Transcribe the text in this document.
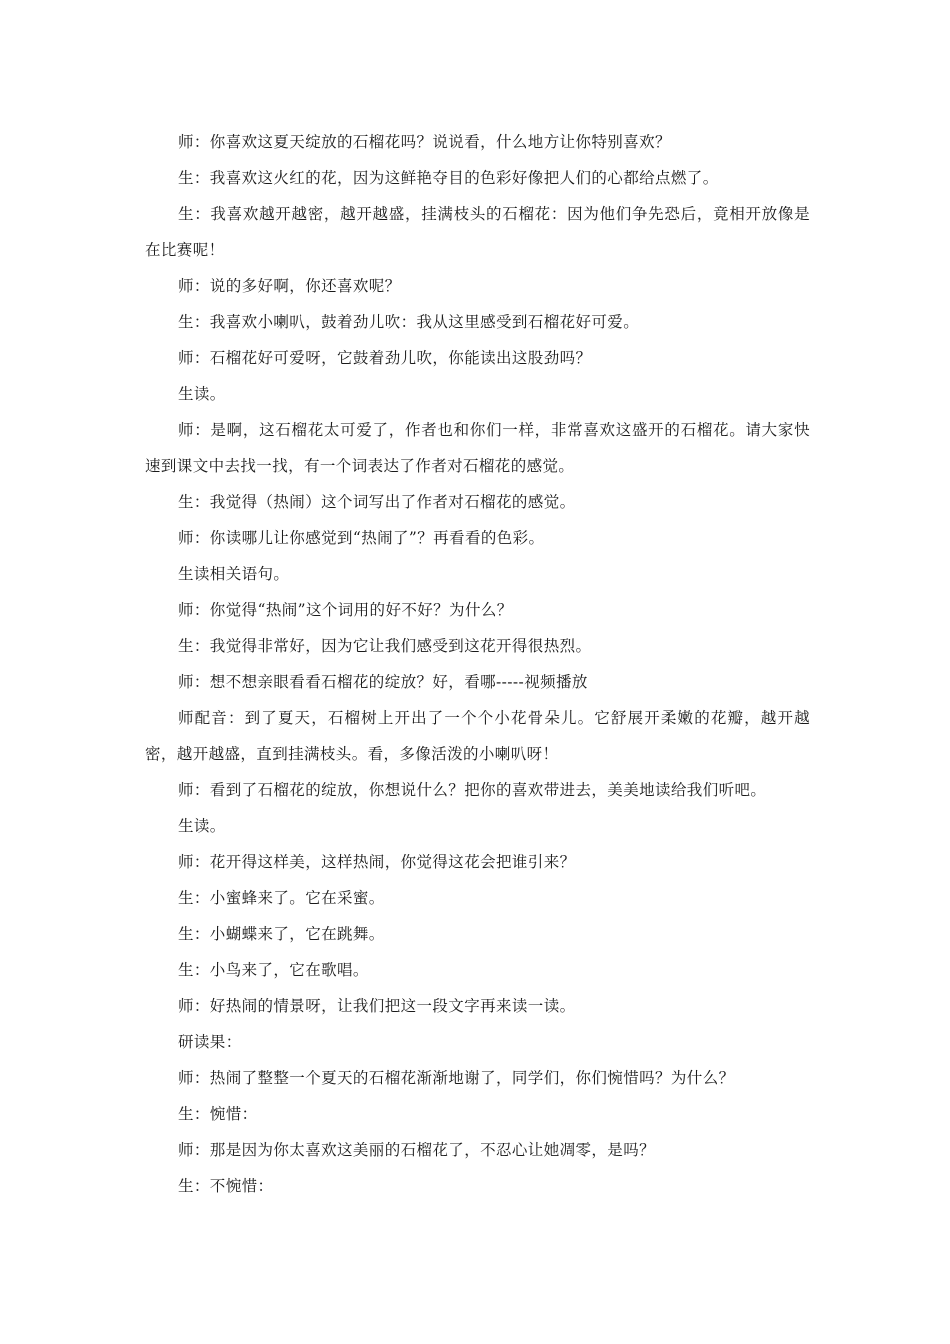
师：你喜欢这夏天绽放的石榴花吗？说说看，什么地方让你特别喜欢？

生：我喜欢这火红的花，因为这鲜艳夺目的色彩好像把人们的心都给点燃了。

生：我喜欢越开越密，越开越盛，挂满枝头的石榴花：因为他们争先恐后，竟相开放像是在比赛呢！

师：说的多好啊，你还喜欢呢？

生：我喜欢小喇叭，鼓着劲儿吹：我从这里感受到石榴花好可爱。

师：石榴花好可爱呀，它鼓着劲儿吹，你能读出这股劲吗？

生读。

师：是啊，这石榴花太可爱了，作者也和你们一样，非常喜欢这盛开的石榴花。请大家快速到课文中去找一找，有一个词表达了作者对石榴花的感觉。

生：我觉得（热闹）这个词写出了作者对石榴花的感觉。

师：你读哪儿让你感觉到“热闹了”？再看看的色彩。

生读相关语句。

师：你觉得“热闹”这个词用的好不好？为什么？

生：我觉得非常好，因为它让我们感受到这花开得很热烈。

师：想不想亲眼看看石榴花的绽放？好，看哪-----视频播放

师配音：到了夏天，石榴树上开出了一个个小花骨朵儿。它舒展开柔嫩的花瓣，越开越密，越开越盛，直到挂满枝头。看，多像活泼的小喇叭呀！

师：看到了石榴花的绽放，你想说什么？把你的喜欢带进去，美美地读给我们听吧。

生读。

师：花开得这样美，这样热闹，你觉得这花会把谁引来？

生：小蜜蜂来了。它在采蜜。

生：小蝴蝶来了，它在跳舞。

生：小鸟来了，它在歌唱。

师：好热闹的情景呀，让我们把这一段文字再来读一读。

研读果：

师：热闹了整整一个夏天的石榴花渐渐地谢了，同学们，你们惋惜吗？为什么？

生：惋惜：

师：那是因为你太喜欢这美丽的石榴花了，不忍心让她凋零，是吗？

生：不惋惜：
